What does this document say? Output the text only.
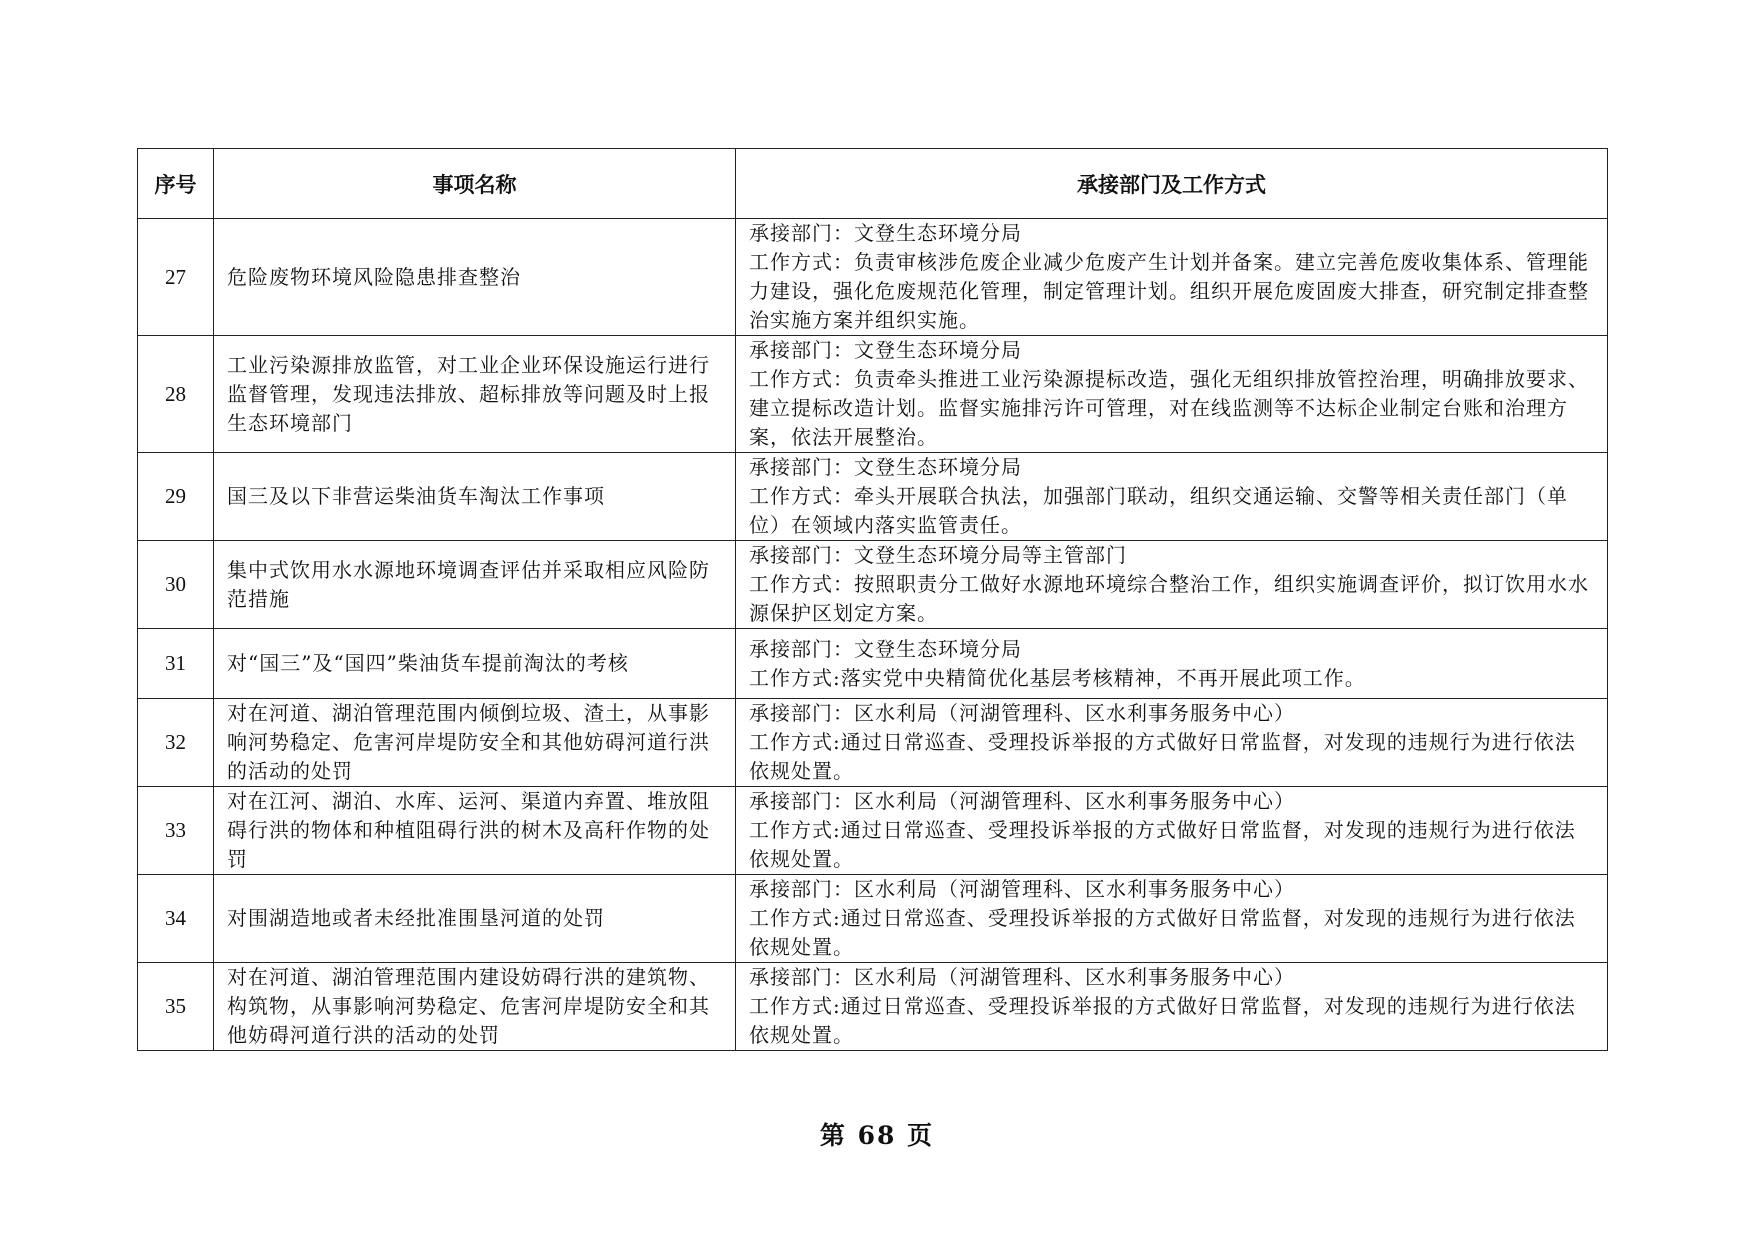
序号	事项名称	承接部门及工作方式
27	危险废物环境风险隐患排查整治	承接部门：文登生态环境分局
工作方式：负责审核涉危废企业减少危废产生计划并备案。建立完善危废收集体系、管理能力建设，强化危废规范化管理，制定管理计划。组织开展危废固废大排查，研究制定排查整治实施方案并组织实施。

28	工业污染源排放监管，对工业企业环保设施运行进行监督管理，发现违法排放、超标排放等问题及时上报生态环境部门	承接部门：文登生态环境分局
工作方式：负责牵头推进工业污染源提标改造，强化无组织排放管控治理，明确排放要求、建立提标改造计划。监督实施排污许可管理，对在线监测等不达标企业制定台账和治理方案，依法开展整治。

29	国三及以下非营运柴油货车淘汰工作事项	承接部门：文登生态环境分局
工作方式：牵头开展联合执法，加强部门联动，组织交通运输、交警等相关责任部门（单位）在领域内落实监管责任。

30	集中式饮用水水源地环境调查评估并采取相应风险防范措施	承接部门：文登生态环境分局等主管部门
工作方式：按照职责分工做好水源地环境综合整治工作，组织实施调查评价，拟订饮用水水源保护区划定方案。

31	对“国三”及“国四”柴油货车提前淘汰的考核	承接部门：文登生态环境分局
工作方式:落实党中央精简优化基层考核精神，不再开展此项工作。

32	对在河道、湖泊管理范围内倾倒垃圾、渣土，从事影响河势稳定、危害河岸堤防安全和其他妨碍河道行洪的活动的处罚	承接部门：区水利局（河湖管理科、区水利事务服务中心）
工作方式:通过日常巡查、受理投诉举报的方式做好日常监督，对发现的违规行为进行依法依规处置。

33	对在江河、湖泊、水库、运河、渠道内弃置、堆放阻碍行洪的物体和种植阻碍行洪的树木及高秆作物的处罚	承接部门：区水利局（河湖管理科、区水利事务服务中心）
工作方式:通过日常巡查、受理投诉举报的方式做好日常监督，对发现的违规行为进行依法依规处置。

34	对围湖造地或者未经批准围垦河道的处罚	承接部门：区水利局（河湖管理科、区水利事务服务中心）
工作方式:通过日常巡查、受理投诉举报的方式做好日常监督，对发现的违规行为进行依法依规处置。

35	对在河道、湖泊管理范围内建设妨碍行洪的建筑物、构筑物，从事影响河势稳定、危害河岸堤防安全和其他妨碍河道行洪的活动的处罚	承接部门：区水利局（河湖管理科、区水利事务服务中心）
工作方式:通过日常巡查、受理投诉举报的方式做好日常监督，对发现的违规行为进行依法依规处置。
第 68 页
